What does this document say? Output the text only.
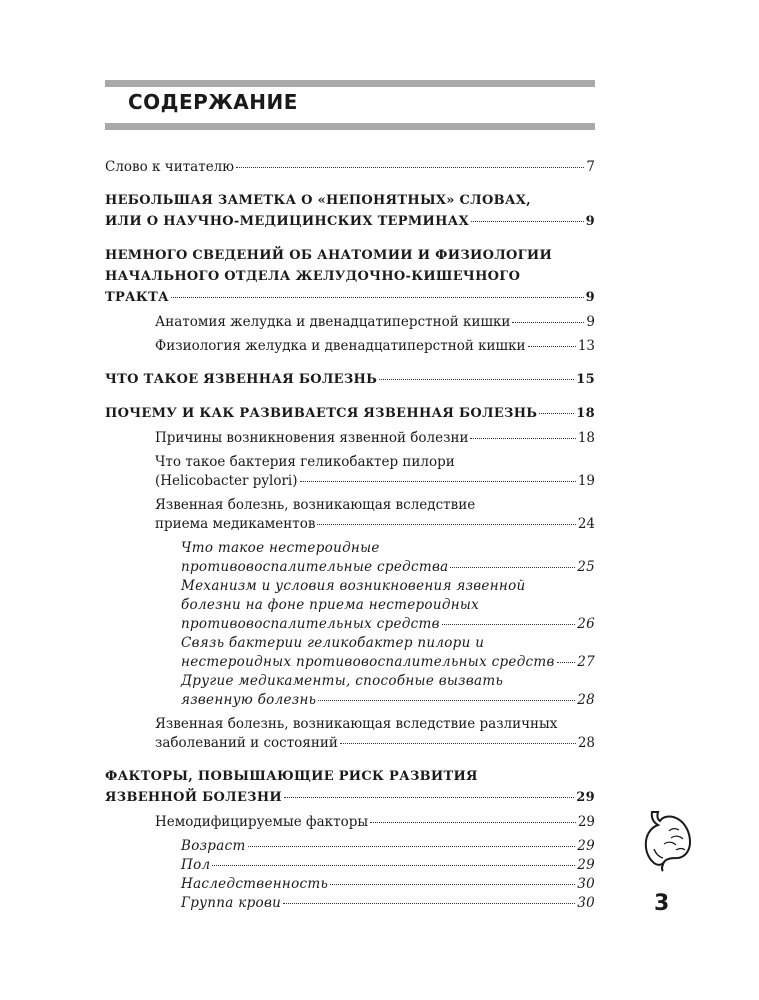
СОДЕРЖАНИЕ
Слово к читателю	7
НЕБОЛЬШАЯ ЗАМЕТКА О «НЕПОНЯТНЫХ» СЛОВАХ,
ИЛИ О НАУЧНО-МЕДИЦИНСКИХ ТЕРМИНАХ	9
НЕМНОГО СВЕДЕНИЙ ОБ АНАТОМИИ И ФИЗИОЛОГИИ
НАЧАЛЬНОГО ОТДЕЛА ЖЕЛУДОЧНО-КИШЕЧНОГО
ТРАКТА	9
Анатомия желудка и двенадцатиперстной кишки	9
Физиология желудка и двенадцатиперстной кишки	13
ЧТО ТАКОЕ ЯЗВЕННАЯ БОЛЕЗНЬ	15
ПОЧЕМУ И КАК РАЗВИВАЕТСЯ ЯЗВЕННАЯ БОЛЕЗНЬ	18
Причины возникновения язвенной болезни	18
Что такое бактерия геликобактер пилори
(Helicobacter pylori)	19
Язвенная болезнь, возникающая вследствие
приема медикаментов	24
Что такое нестероидные
противовоспалительные средства	25
Механизм и условия возникновения язвенной
болезни на фоне приема нестероидных
противовоспалительных средств	26
Связь бактерии геликобактер пилори и
нестероидных противовоспалительных средств 27
Другие медикаменты, способные вызвать
язвенную болезнь	28
Язвенная болезнь, возникающая вследствие различных
заболеваний и состояний	28
ФАКТОРЫ, ПОВЫШАЮЩИЕ РИСК РАЗВИТИЯ
ЯЗВЕННОЙ БОЛЕЗНИ	29
Немодифицируемые факторы	29
Возраст	29
Пол	29
Наследственность	30
Группа крови	30	3
